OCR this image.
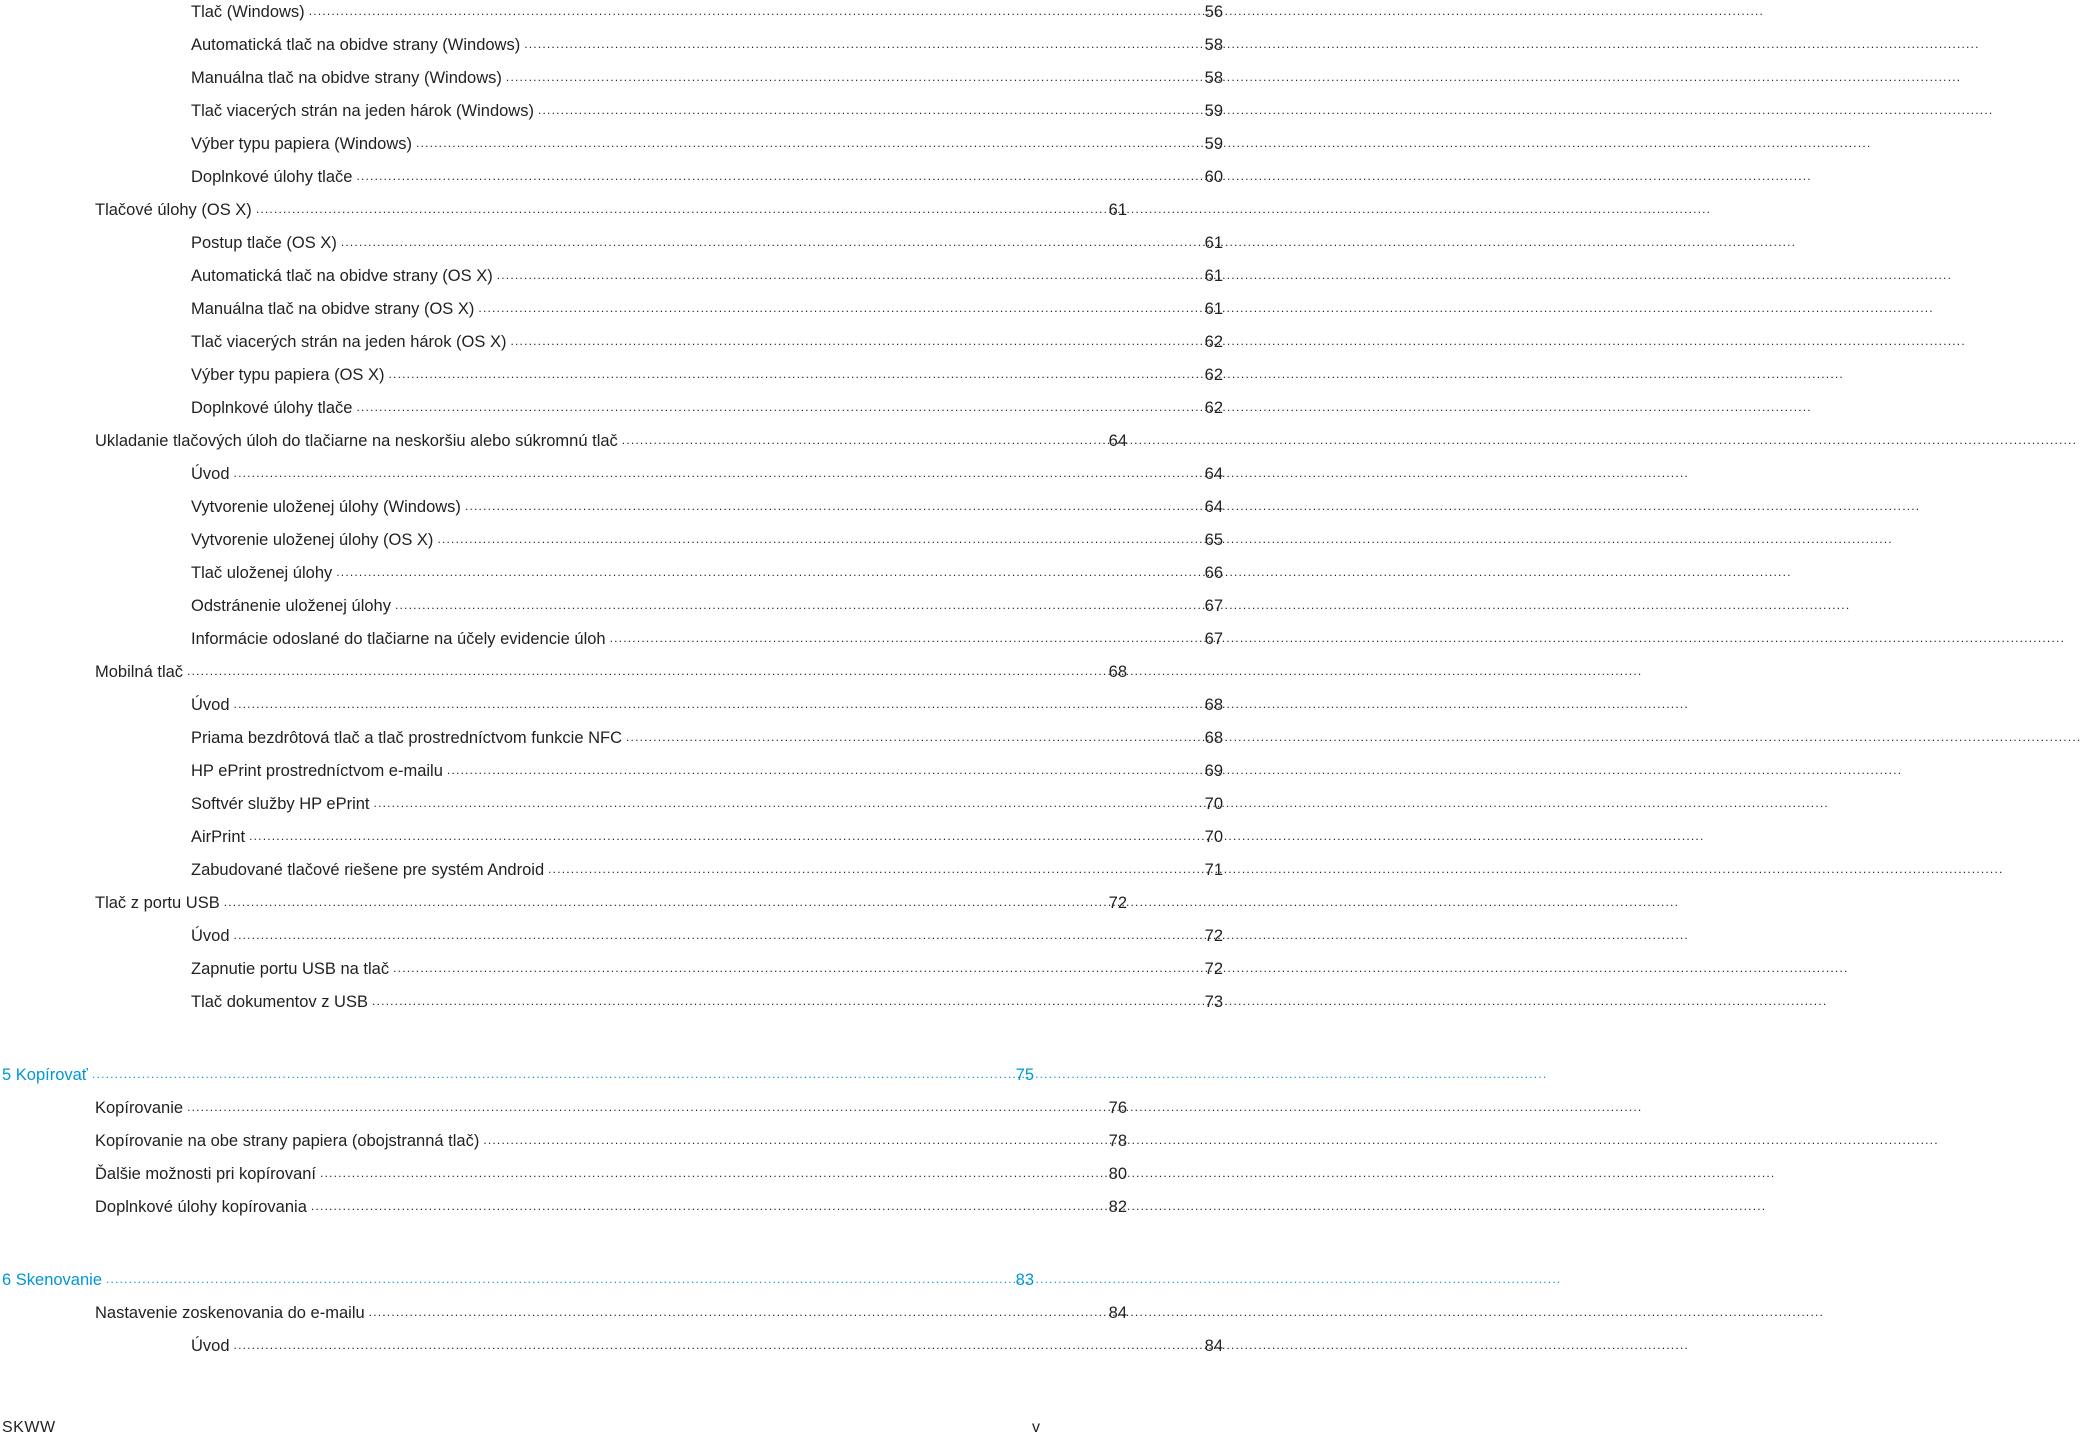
Tlač (Windows) .....	56
Automatická tlač na obidve strany (Windows) .....	58
Manuálna tlač na obidve strany (Windows) .....	58
Tlač viacerých strán na jeden hárok (Windows) .....	59
Výber typu papiera (Windows) .....	59
Doplnkové úlohy tlače .....	60
Tlačové úlohy (OS X) .....	61
Postup tlače (OS X) .....	61
Automatická tlač na obidve strany (OS X) .....	61
Manuálna tlač na obidve strany (OS X) .....	61
Tlač viacerých strán na jeden hárok (OS X) .....	62
Výber typu papiera (OS X) .....	62
Doplnkové úlohy tlače .....	62
Ukladanie tlačových úloh do tlačiarne na neskoršiu alebo súkromnú tlač .....	64
Úvod .....	64
Vytvorenie uloženej úlohy (Windows) .....	64
Vytvorenie uloženej úlohy (OS X) .....	65
Tlač uloženej úlohy .....	66
Odstránenie uloženej úlohy .....	67
Informácie odoslané do tlačiarne na účely evidencie úloh .....	67
Mobilná tlač .....	68
Úvod .....	68
Priama bezdrôtová tlač a tlač prostredníctvom funkcie NFC .....	68
HP ePrint prostredníctvom e-mailu .....	69
Softvér služby HP ePrint .....	70
AirPrint .....	70
Zabudované tlačové riešene pre systém Android .....	71
Tlač z portu USB .....	72
Úvod .....	72
Zapnutie portu USB na tlač .....	72
Tlač dokumentov z USB .....	73
5 Kopírovať .....	75
Kopírovanie .....	76
Kopírovanie na obe strany papiera (obojstranná tlač) .....	78
Ďalšie možnosti pri kopírovaní .....	80
Doplnkové úlohy kopírovania .....	82
6 Skenovanie .....	83
Nastavenie zoskenovania do e-mailu .....	84
Úvod .....	84
SKWW	v
